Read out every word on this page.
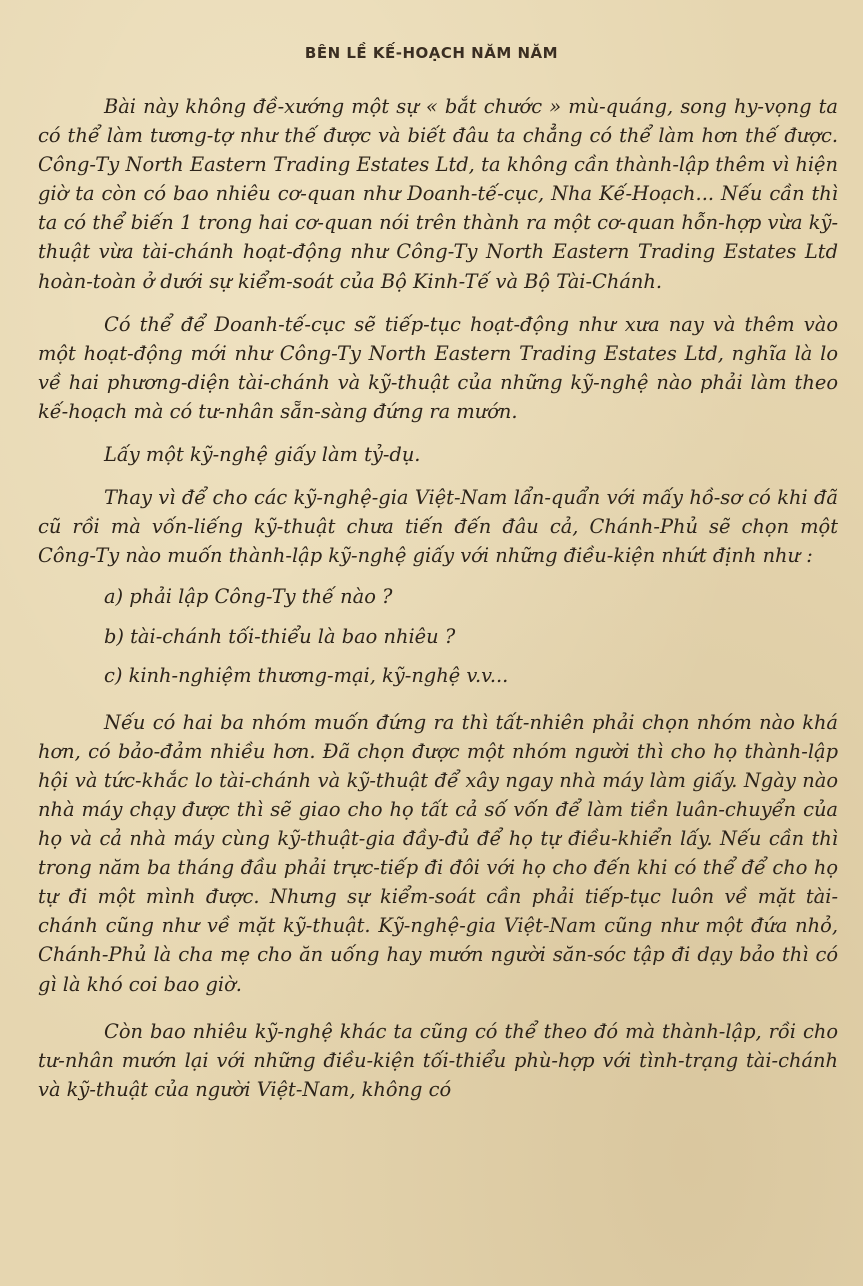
BÊN LỀ KẾ-HOẠCH NĂM NĂM

Bài này không đề-xướng một sự « bắt chước » mù-quáng, song hy-vọng ta có thể làm tương-tợ như thế được và biết đâu ta chẳng có thể làm hơn thế được. Công-Ty North Eastern Trading Estates Ltd, ta không cần thành-lập thêm vì hiện giờ ta còn có bao nhiêu cơ-quan như Doanh-tế-cục, Nha Kế-Hoạch... Nếu cần thì ta có thể biến 1 trong hai cơ-quan nói trên thành ra một cơ-quan hỗn-hợp vừa kỹ-thuật vừa tài-chánh hoạt-động như Công-Ty North Eastern Trading Estates Ltd hoàn-toàn ở dưới sự kiểm-soát của Bộ Kinh-Tế và Bộ Tài-Chánh.

Có thể để Doanh-tế-cục sẽ tiếp-tục hoạt-động như xưa nay và thêm vào một hoạt-động mới như Công-Ty North Eastern Trading Estates Ltd, nghĩa là lo về hai phương-diện tài-chánh và kỹ-thuật của những kỹ-nghệ nào phải làm theo kế-hoạch mà có tư-nhân sẵn-sàng đứng ra mướn.

Lấy một kỹ-nghệ giấy làm tỷ-dụ.

Thay vì để cho các kỹ-nghệ-gia Việt-Nam lẩn-quẩn với mấy hồ-sơ có khi đã cũ rồi mà vốn-liếng kỹ-thuật chưa tiến đến đâu cả, Chánh-Phủ sẽ chọn một Công-Ty nào muốn thành-lập kỹ-nghệ giấy với những điều-kiện nhứt định như :

a) phải lập Công-Ty thế nào ?
b) tài-chánh tối-thiểu là bao nhiêu ?
c) kinh-nghiệm thương-mại, kỹ-nghệ v.v...

Nếu có hai ba nhóm muốn đứng ra thì tất-nhiên phải chọn nhóm nào khá hơn, có bảo-đảm nhiều hơn. Đã chọn được một nhóm người thì cho họ thành-lập hội và tức-khắc lo tài-chánh và kỹ-thuật để xây ngay nhà máy làm giấy. Ngày nào nhà máy chạy được thì sẽ giao cho họ tất cả số vốn để làm tiền luân-chuyển của họ và cả nhà máy cùng kỹ-thuật-gia đầy-đủ để họ tự điều-khiển lấy. Nếu cần thì trong năm ba tháng đầu phải trực-tiếp đi đôi với họ cho đến khi có thể để cho họ tự đi một mình được. Nhưng sự kiểm-soát cần phải tiếp-tục luôn về mặt tài-chánh cũng như về mặt kỹ-thuật. Kỹ-nghệ-gia Việt-Nam cũng như một đứa nhỏ, Chánh-Phủ là cha mẹ cho ăn uống hay mướn người săn-sóc tập đi dạy bảo thì có gì là khó coi bao giờ.

Còn bao nhiêu kỹ-nghệ khác ta cũng có thể theo đó mà thành-lập, rồi cho tư-nhân mướn lại với những điều-kiện tối-thiểu phù-hợp với tình-trạng tài-chánh và kỹ-thuật của người Việt-Nam, không có
